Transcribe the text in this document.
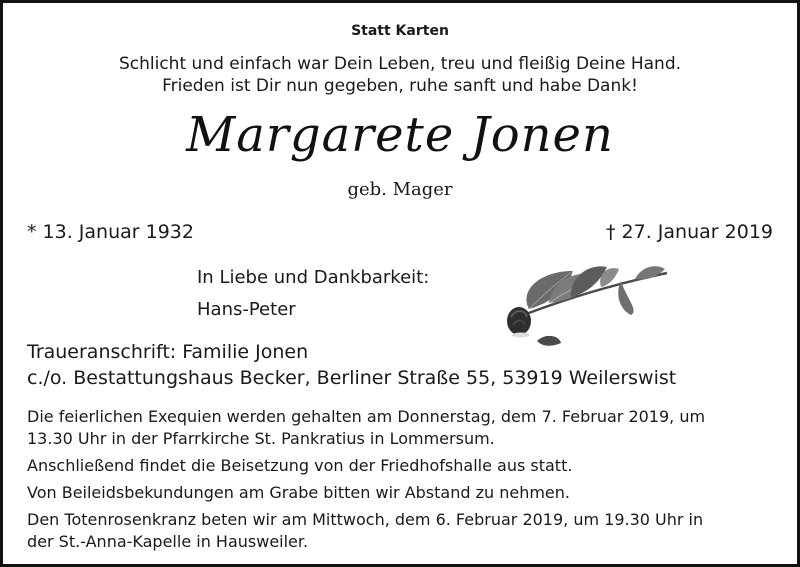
Statt Karten
Schlicht und einfach war Dein Leben, treu und fleißig Deine Hand.
Frieden ist Dir nun gegeben, ruhe sanft und habe Dank!
Margarete Jonen
geb. Mager
* 13. Januar 1932	† 27. Januar 2019
In Liebe und Dankbarkeit:
Hans-Peter
Traueranschrift: Familie Jonen
c./o. Bestattungshaus Becker, Berliner Straße 55, 53919 Weilerswist

Die feierlichen Exequien werden gehalten am Donnerstag, dem 7. Februar 2019, um
13.30 Uhr in der Pfarrkirche St. Pankratius in Lommersum.

Anschließend findet die Beisetzung von der Friedhofshalle aus statt.

Von Beileidsbekundungen am Grabe bitten wir Abstand zu nehmen.

Den Totenrosenkranz beten wir am Mittwoch, dem 6. Februar 2019, um 19.30 Uhr in
der St.-Anna-Kapelle in Hausweiler.
